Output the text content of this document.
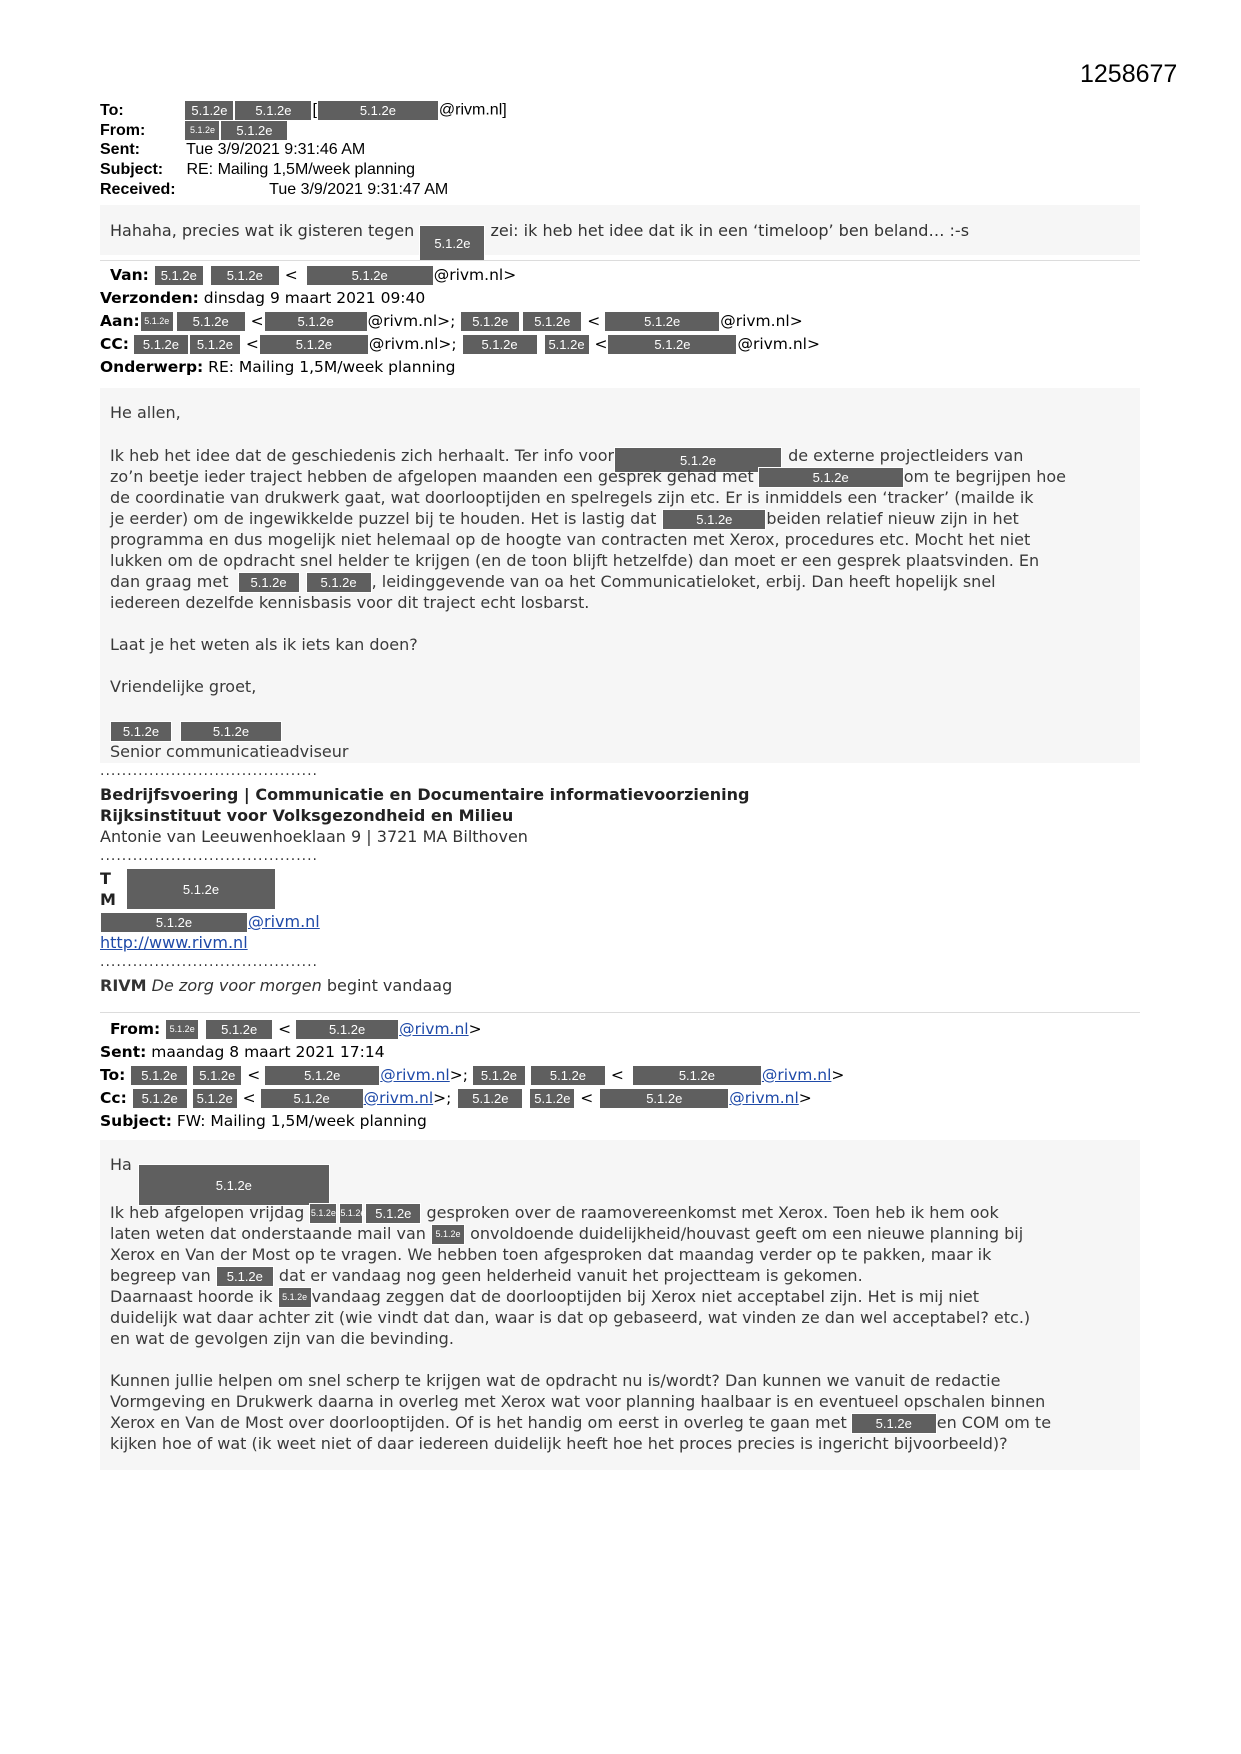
1258677
To:	5.1.2e 5.1.2e [	5.1.2e	@rivm.nl]
From:	5.1.2e 5.1.2e
Sent:	Tue 3/9/2021 9:31:46 AM
Subject: RE: Mailing 1,5M/week planning
Received:	Tue 3/9/2021 9:31:47 AM
Hahaha, precies wat ik gisteren tegen 5.1.2e zei: ik heb het idee dat ik in een ‘timeloop’ ben beland… :-s
Van: 5.1.2e 5.1.2e <	5.1.2e	@rivm.nl>
Verzonden: dinsdag 9 maart 2021 09:40
Aan: 5.1.2e 5.1.2e <	5.1.2e @rivm.nl>; 5.1.2e 5.1.2e <	5.1.2e	@rivm.nl>
CC: 5.1.2e 5.1.2e <	5.1.2e @rivm.nl>; 5.1.2e 5.1.2e <	5.1.2e	@rivm.nl>
Onderwerp: RE: Mailing 1,5M/week planning
He allen,
Ik heb het idee dat de geschiedenis zich herhaalt. Ter info voor	5.1.2e	de externe projectleiders van
zo’n beetje ieder traject hebben de afgelopen maanden een gesprek gehad met	5.1.2e	om te begrijpen hoe
de coordinatie van drukwerk gaat, wat doorlooptijden en spelregels zijn etc. Er is inmiddels een ‘tracker’ (mailde ik
je eerder) om de ingewikkelde puzzel bij te houden. Het is lastig dat	5.1.2e beiden relatief nieuw zijn in het
programma en dus mogelijk niet helemaal op de hoogte van contracten met Xerox, procedures etc. Mocht het niet
lukken om de opdracht snel helder te krijgen (en de toon blijft hetzelfde) dan moet er een gesprek plaatsvinden. En
dan graag met 5.1.2e	5.1.2e , leidinggevende van oa het Communicatieloket, erbij. Dan heeft hopelijk snel
iedereen dezelfde kennisbasis voor dit traject echt losbarst.
Laat je het weten als ik iets kan doen?
Vriendelijke groet,
5.1.2e	5.1.2e
Senior communicatieadviseur
........................................
Bedrijfsvoering | Communicatie en Documentaire informatievoorziening
Rijksinstituut voor Volksgezondheid en Milieu
Antonie van Leeuwenhoeklaan 9 | 3721 MA Bilthoven
........................................
T
M
5.1.2e
5.1.2e	@rivm.nl
http://www.rivm.nl
........................................
RIVM De zorg voor morgen begint vandaag
From: 5.1.2e 5.1.2e <	5.1.2e @rivm.nl>
Sent: maandag 8 maart 2021 17:14
To: 5.1.2e 5.1.2e <	5.1.2e	@rivm.nl>; 5.1.2e	5.1.2e <	5.1.2e	@rivm.nl>
Cc: 5.1.2e 5.1.2e <	5.1.2e @rivm.nl>; 5.1.2e 5.1.2e <	5.1.2e	@rivm.nl>
Subject: FW: Mailing 1,5M/week planning
Ha5.1.2e
Ik heb afgelopen vrijdag 5.1.2e 5.1.2e 5.1.2e gesproken over de raamovereenkomst met Xerox. Toen heb ik hem ook
laten weten dat onderstaande mail van 5.1.2e onvoldoende duidelijkheid/houvast geeft om een nieuwe planning bij
Xerox en Van der Most op te vragen. We hebben toen afgesproken dat maandag verder op te pakken, maar ik
begreep van 5.1.2e dat er vandaag nog geen helderheid vanuit het projectteam is gekomen.
Daarnaast hoorde ik 5.1.2e vandaag zeggen dat de doorlooptijden bij Xerox niet acceptabel zijn. Het is mij niet
duidelijk wat daar achter zit (wie vindt dat dan, waar is dat op gebaseerd, wat vinden ze dan wel acceptabel? etc.)
en wat de gevolgen zijn van die bevinding.
Kunnen jullie helpen om snel scherp te krijgen wat de opdracht nu is/wordt? Dan kunnen we vanuit de redactie
Vormgeving en Drukwerk daarna in overleg met Xerox wat voor planning haalbaar is en eventueel opschalen binnen
Xerox en Van de Most over doorlooptijden. Of is het handig om eerst in overleg te gaan met 5.1.2e en COM om te
kijken hoe of wat (ik weet niet of daar iedereen duidelijk heeft hoe het proces precies is ingericht bijvoorbeeld)?
